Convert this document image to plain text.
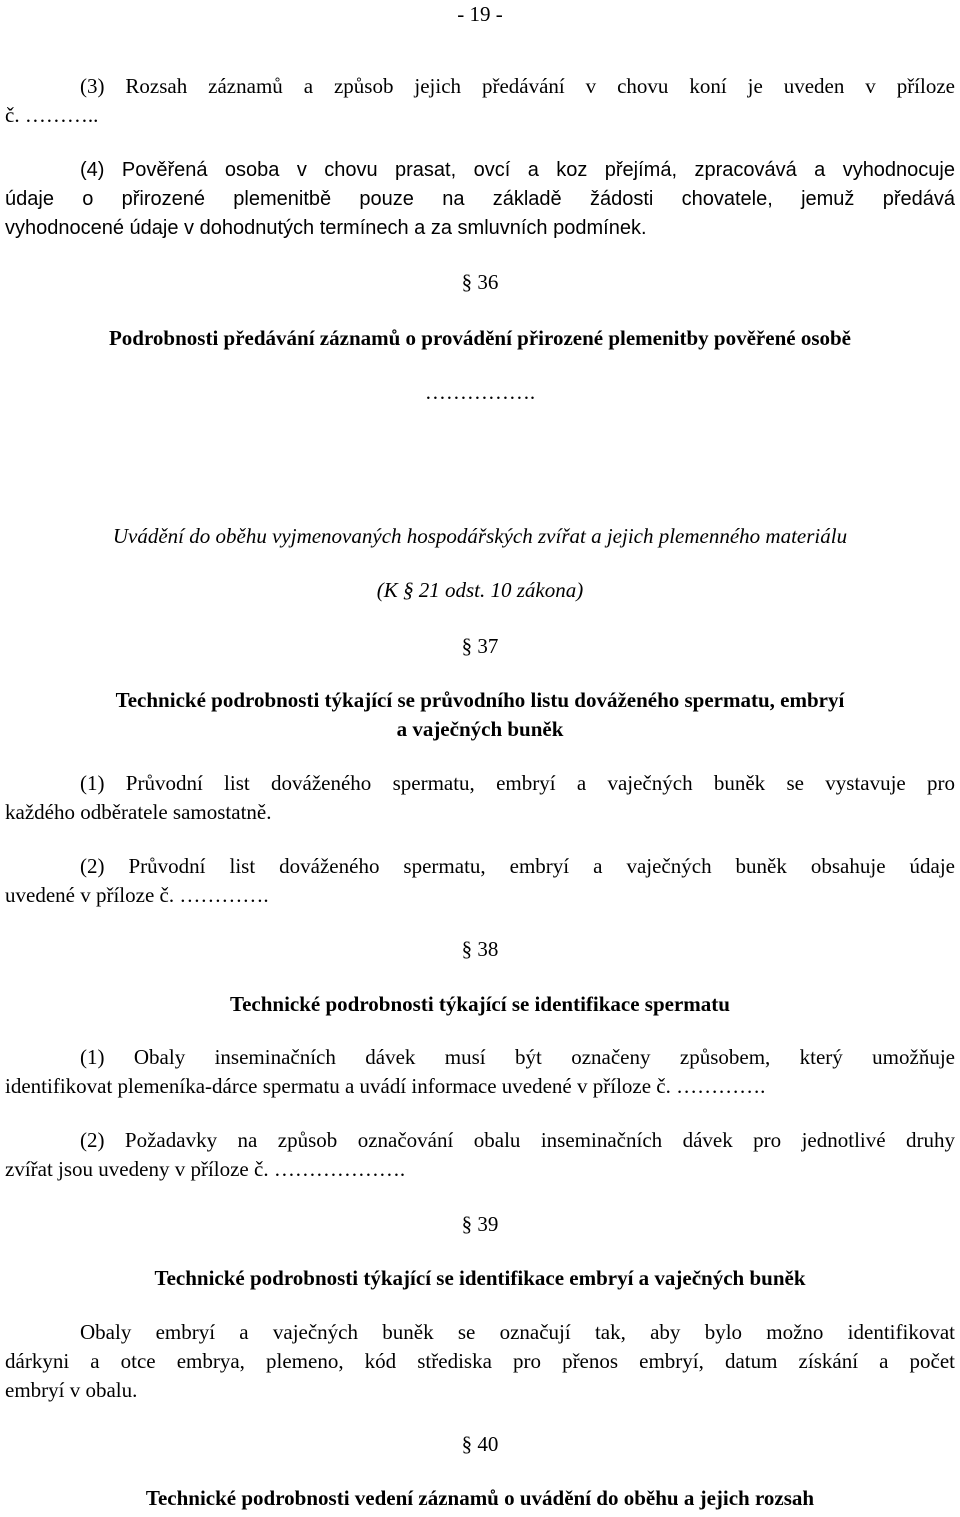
- 19 -
(3) Rozsah záznamů a způsob jejich předávání v chovu koní je uveden v příloze
č. ………..
(4) Pověřená osoba v chovu prasat, ovcí a koz přejímá, zpracovává a vyhodnocuje
údaje o přirozené plemenitbě pouze na základě žádosti chovatele, jemuž předává
vyhodnocené údaje v dohodnutých termínech a za smluvních podmínek.
§ 36
Podrobnosti předávání záznamů o provádění přirozené plemenitby pověřené osobě
…………….
Uvádění do oběhu vyjmenovaných hospodářských zvířat a jejich plemenného materiálu
(K § 21 odst. 10 zákona)
§ 37
Technické podrobnosti týkající se průvodního listu dováženého spermatu, embryí
a vaječných buněk
(1) Průvodní list dováženého spermatu, embryí a vaječných buněk se vystavuje pro
každého odběratele samostatně.
(2) Průvodní list dováženého spermatu, embryí a vaječných buněk obsahuje údaje
uvedené v příloze č. ………….
§ 38
Technické podrobnosti týkající se identifikace spermatu
(1) Obaly inseminačních dávek musí být označeny způsobem, který umožňuje
identifikovat plemeníka-dárce spermatu a uvádí informace uvedené v příloze č. ………….
(2) Požadavky na způsob označování obalu inseminačních dávek pro jednotlivé druhy
zvířat jsou uvedeny v příloze č. ……………….
§ 39
Technické podrobnosti týkající se identifikace embryí a vaječných buněk
Obaly embryí a vaječných buněk se označují tak, aby bylo možno identifikovat
dárkyni a otce embrya, plemeno, kód střediska pro přenos embryí, datum získání a počet
embryí v obalu.
§ 40
Technické podrobnosti vedení záznamů o uvádění do oběhu a jejich rozsah
